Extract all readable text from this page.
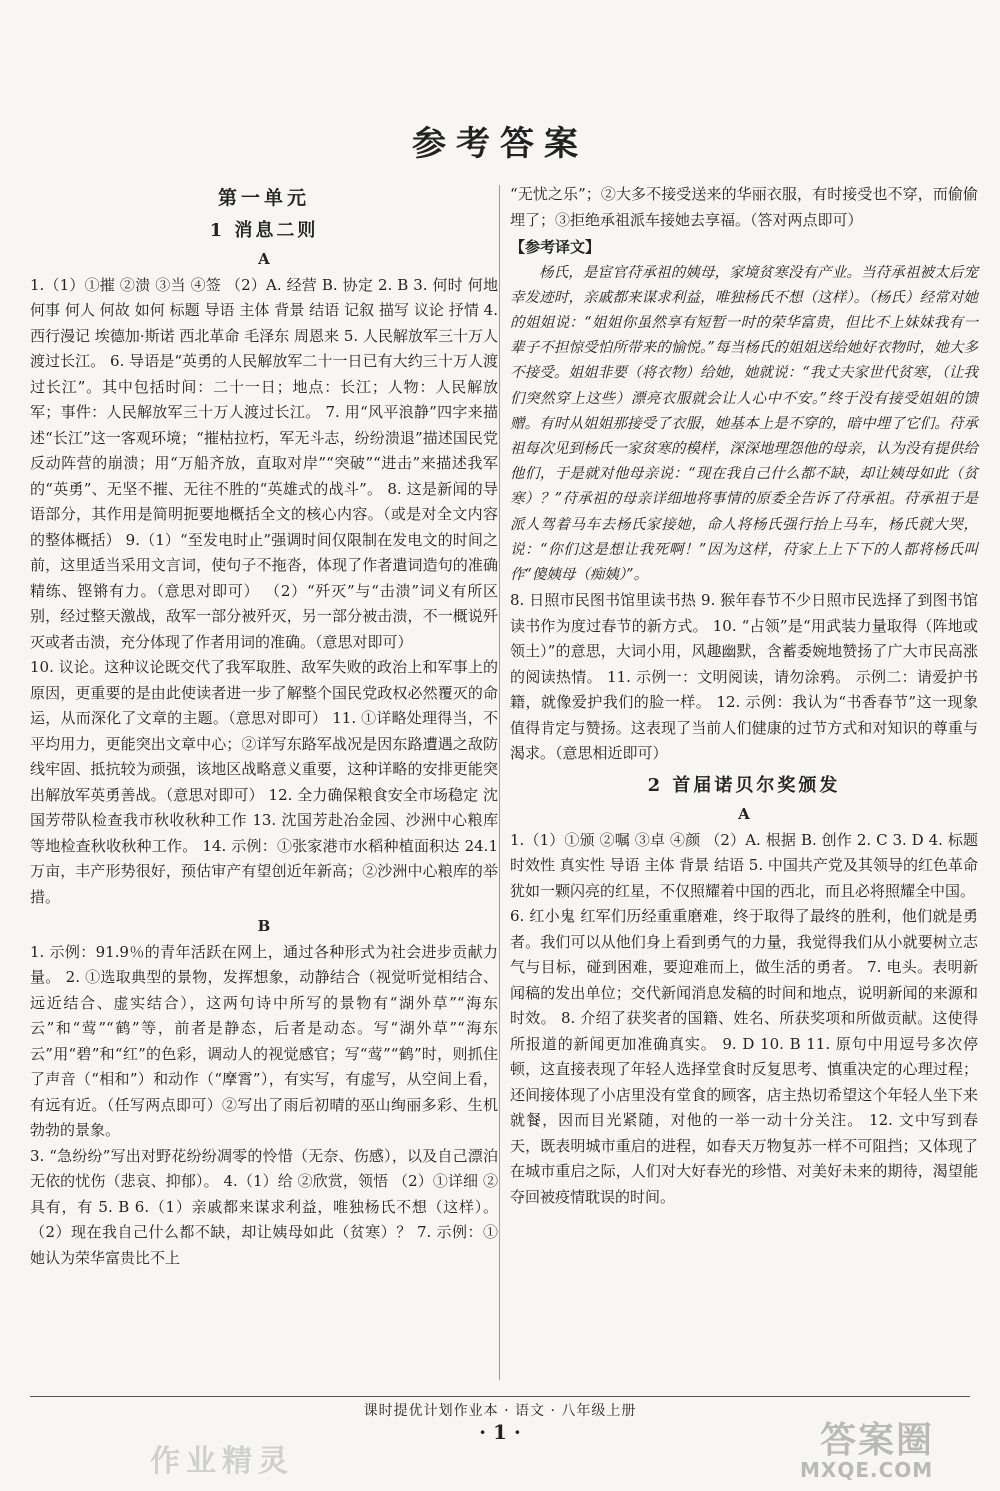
参考答案
第一单元
1 消息二则
A

1.（1）①摧 ②溃 ③当 ④签 （2）A. 经营 B. 协定 2. B 3. 何时 何地 何事 何人 何故 如何 标题 导语 主体 背景 结语 记叙 描写 议论 抒情 4. 西行漫记 埃德加·斯诺 西北革命 毛泽东 周恩来 5. 人民解放军三十万人渡过长江。 6. 导语是“英勇的人民解放军二十一日已有大约三十万人渡过长江”。其中包括时间：二十一日；地点：长江；人物：人民解放军；事件：人民解放军三十万人渡过长江。 7. 用“风平浪静”四字来描述“长江”这一客观环境；“摧枯拉朽，军无斗志，纷纷溃退”描述国民党反动阵营的崩溃；用“万船齐放，直取对岸”“突破”“进击”来描述我军的“英勇”、无坚不摧、无往不胜的“英雄式的战斗”。 8. 这是新闻的导语部分，其作用是简明扼要地概括全文的核心内容。（或是对全文内容的整体概括） 9.（1）“至发电时止”强调时间仅限制在发电文的时间之前，这里适当采用文言词，使句子不拖沓，体现了作者遣词造句的准确精练、铿锵有力。（意思对即可） （2）“歼灭”与“击溃”词义有所区别，经过整天激战，敌军一部分被歼灭，另一部分被击溃，不一概说歼灭或者击溃，充分体现了作者用词的准确。（意思对即可）

10. 议论。这种议论既交代了我军取胜、敌军失败的政治上和军事上的原因，更重要的是由此使读者进一步了解整个国民党政权必然覆灭的命运，从而深化了文章的主题。（意思对即可） 11. ①详略处理得当，不平均用力，更能突出文章中心；②详写东路军战况是因东路遭遇之敌防线牢固、抵抗较为顽强，该地区战略意义重要，这种详略的安排更能突出解放军英勇善战。（意思对即可） 12. 全力确保粮食安全市场稳定 沈国芳带队检查我市秋收秋种工作 13. 沈国芳赴冶金园、沙洲中心粮库等地检查秋收秋种工作。 14. 示例：①张家港市水稻种植面积达 24.1 万亩，丰产形势很好，预估审产有望创近年新高；②沙洲中心粮库的举措。

B

1. 示例：91.9％的青年活跃在网上，通过各种形式为社会进步贡献力量。 2. ①选取典型的景物，发挥想象，动静结合（视觉听觉相结合、远近结合、虚实结合），这两句诗中所写的景物有“湖外草”“海东云”和“莺”“鹤”等，前者是静态，后者是动态。写“湖外草”“海东云”用“碧”和“红”的色彩，调动人的视觉感官；写“莺”“鹤”时，则抓住了声音（“相和”）和动作（“摩霄”），有实写，有虚写，从空间上看，有远有近。（任写两点即可）②写出了雨后初晴的巫山绚丽多彩、生机勃勃的景象。

3. “急纷纷”写出对野花纷纷凋零的怜惜（无奈、伤感），以及自己漂泊无依的忧伤（悲哀、抑郁）。 4.（1）给 ②欣赏，领悟 （2）①详细 ②具有，有 5. B 6.（1）亲戚都来谋求利益，唯独杨氏不想（这样）。 （2）现在我自己什么都不缺，却让姨母如此（贫寒）？ 7. 示例：①她认为荣华富贵比不上

“无忧之乐”；②大多不接受送来的华丽衣服，有时接受也不穿，而偷偷埋了；③拒绝承祖派车接她去享福。（答对两点即可）

【参考译文】

杨氏，是宦官苻承祖的姨母，家境贫寒没有产业。当苻承祖被太后宠幸发迹时，亲戚都来谋求利益，唯独杨氏不想（这样）。（杨氏）经常对她的姐姐说：“姐姐你虽然享有短暂一时的荣华富贵，但比不上妹妹我有一辈子不担惊受怕所带来的愉悦。”每当杨氏的姐姐送给她好衣物时，她大多不接受。姐姐非要（将衣物）给她，她就说：“我丈夫家世代贫寒，（让我们突然穿上这些）漂亮衣服就会让人心中不安。”终于没有接受姐姐的馈赠。有时从姐姐那接受了衣服，她基本上是不穿的，暗中埋了它们。苻承祖每次见到杨氏一家贫寒的模样，深深地理怨他的母亲，认为没有提供给他们，于是就对他母亲说：“现在我自己什么都不缺，却让姨母如此（贫寒）？”苻承祖的母亲详细地将事情的原委全告诉了苻承祖。苻承祖于是派人驾着马车去杨氏家接她，命人将杨氏强行抬上马车，杨氏就大哭，说：“你们这是想让我死啊！”因为这样，苻家上上下下的人都将杨氏叫作“傻姨母（痴姨）”。

8. 日照市民图书馆里读书热 9. 猴年春节不少日照市民选择了到图书馆读书作为度过春节的新方式。 10. “占领”是“用武装力量取得（阵地或领土）”的意思，大词小用，风趣幽默，含蓄委婉地赞扬了广大市民高涨的阅读热情。 11. 示例一：文明阅读，请勿涂鸦。 示例二：请爱护书籍，就像爱护我们的脸一样。 12. 示例：我认为“书香春节”这一现象值得肯定与赞扬。这表现了当前人们健康的过节方式和对知识的尊重与渴求。（意思相近即可）

2 首届诺贝尔奖颁发
A

1.（1）①颁 ②嘱 ③卓 ④颜 （2）A. 根据 B. 创作 2. C 3. D 4. 标题 时效性 真实性 导语 主体 背景 结语 5. 中国共产党及其领导的红色革命犹如一颗闪亮的红星，不仅照耀着中国的西北，而且必将照耀全中国。

6. 红小鬼 红军们历经重重磨难，终于取得了最终的胜利，他们就是勇者。我们可以从他们身上看到勇气的力量，我觉得我们从小就要树立志气与目标，碰到困难，要迎难而上，做生活的勇者。 7. 电头。表明新闻稿的发出单位；交代新闻消息发稿的时间和地点，说明新闻的来源和时效。 8. 介绍了获奖者的国籍、姓名、所获奖项和所做贡献。这使得所报道的新闻更加准确真实。 9. D 10. B 11. 原句中用逗号多次停顿，这直接表现了年轻人选择堂食时反复思考、慎重决定的心理过程；还间接体现了小店里没有堂食的顾客，店主热切希望这个年轻人坐下来就餐，因而目光紧随，对他的一举一动十分关注。 12. 文中写到春天，既表明城市重启的进程，如春天万物复苏一样不可阻挡；又体现了在城市重启之际，人们对大好春光的珍惜、对美好未来的期待，渴望能夺回被疫情耽误的时间。

课时提优计划作业本 · 语文 · 八年级上册
· 1 ·
作业精灵
答案圈
MXQE.COM
